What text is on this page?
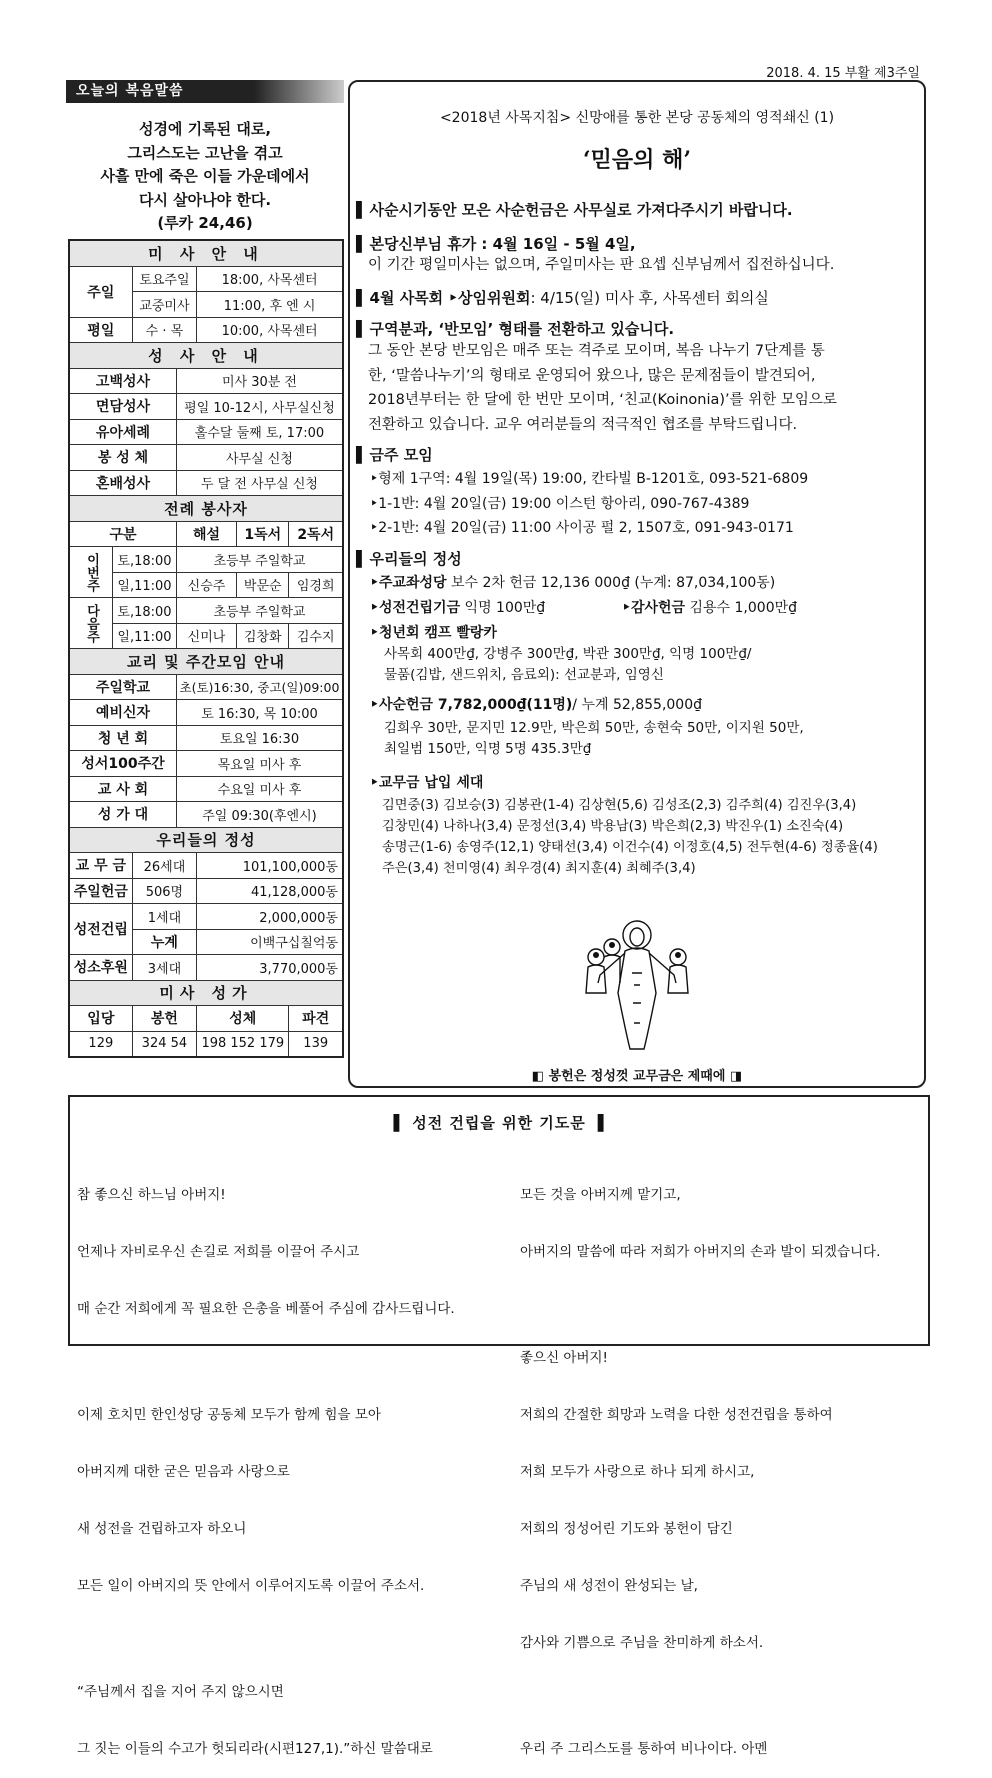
2018. 4. 15 부활 제3주일
오늘의 복음말씀
성경에 기록된 대로,
그리스도는 고난을 겪고
사흘 만에 죽은 이들 가운데에서
다시 살아나야 한다.
(루카 24,46)
미 사 안 내						
주일		토요주일		18:00, 사목센터		
		교중미사		11:00, 후 엔 시		
평일		수 · 목		10:00, 사목센터		
성 사 안 내						
고백성사			미사 30분 전			
면담성사			평일 10-12시, 사무실신청			
유아세례			홀수달 둘째 토, 17:00			
봉 성 체			사무실 신청			
혼배성사			두 달 전 사무실 신청			
전례 봉사자						
구분			해설		1독서	2독서
이번주	토,18:00		초등부 주일학교			
	일,11:00		신승주		박문순	임경희
다음주	토,18:00		초등부 주일학교			
	일,11:00		신미나		김창화	김수지
교리 및 주간모임 안내						
주일학교			초(토)16:30, 중고(일)09:00			
예비신자			토 16:30, 목 10:00			
청 년 회			토요일 16:30			
성서100주간			목요일 미사 후			
교 사 회			수요일 미사 후			
성 가 대			주일 09:30(후엔시)			
우리들의 정성						
교 무 금		26세대		101,100,000동		
주일헌금		506명		41,128,000동		
성전건립		1세대		2,000,000동		
		누계		이백구십칠억동		
성소후원		3세대		3,770,000동		
미사 성가						
입당		봉헌		성체		파견
129		324 54		198 152 179		139
<2018년 사목지침> 신망애를 통한 본당 공동체의 영적쇄신 (1)
‘믿음의 해’
▌ 사순시기동안 모은 사순헌금은 사무실로 가져다주시기 바랍니다.
▌ 본당신부님 휴가 : 4월 16일 - 5월 4일,
이 기간 평일미사는 없으며, 주일미사는 판 요셉 신부님께서 집전하십니다.
▌ 4월 사목회 ‣상임위원회: 4/15(일) 미사 후, 사목센터 회의실
▌ 구역분과, ‘반모임’ 형태를 전환하고 있습니다.
그 동안 본당 반모임은 매주 또는 격주로 모이며, 복음 나누기 7단계를 통
한, ‘말씀나누기’의 형태로 운영되어 왔으나, 많은 문제점들이 발견되어,
2018년부터는 한 달에 한 번만 모이며, ‘친교(Koinonia)’를 위한 모임으로
전환하고 있습니다. 교우 여러분들의 적극적인 협조를 부탁드립니다.
▌ 금주 모임
‣형제 1구역: 4월 19일(목) 19:00, 칸타빌 B-1201호, 093-521-6809
‣1-1반: 4월 20일(금) 19:00 이스턴 항아리, 090-767-4389
‣2-1반: 4월 20일(금) 11:00 사이공 펄 2, 1507호, 091-943-0171
▌ 우리들의 정성
‣주교좌성당 보수 2차 헌금 12,136 000₫ (누계: 87,034,100동)
‣성전건립기금 익명 100만₫	‣감사헌금 김용수 1,000만₫
‣청년회 캠프 빨랑카
사목회 400만₫, 강병주 300만₫, 박관 300만₫, 익명 100만₫/
물품(김밥, 샌드위치, 음료외): 선교분과, 임영신
‣사순헌금 7,782,000₫(11명)/ 누계 52,855,000₫
김희우 30만, 문지민 12.9만, 박은희 50만, 송현숙 50만, 이지원 50만,
최일범 150만, 익명 5명 435.3만₫
‣교무금 납입 세대
김면중(3) 김보승(3) 김봉관(1-4) 김상현(5,6) 김성조(2,3) 김주희(4) 김진우(3,4)
김창민(4) 나하나(3,4) 문정선(3,4) 박용남(3) 박은희(2,3) 박진우(1) 소진숙(4)
송명근(1-6) 송영주(12,1) 양태선(3,4) 이건수(4) 이정호(4,5) 전두현(4-6) 정종율(4)
주은(3,4) 천미영(4) 최우경(4) 최지훈(4) 최혜주(3,4)
◧ 봉헌은 정성껏 교무금은 제때에 ◨
▌ 성전 건립을 위한 기도문 ▐

참 좋으신 하느님 아버지!

언제나 자비로우신 손길로 저희를 이끌어 주시고

매 순간 저희에게 꼭 필요한 은총을 베풀어 주심에 감사드립니다.

이제 호치민 한인성당 공동체 모두가 함께 힘을 모아

아버지께 대한 굳은 믿음과 사랑으로

새 성전을 건립하고자 하오니

모든 일이 아버지의 뜻 안에서 이루어지도록 이끌어 주소서.

“주님께서 집을 지어 주지 않으시면

그 짓는 이들의 수고가 헛되리라(시편127,1).”하신 말씀대로

모든 것을 아버지께 맡기고,

아버지의 말씀에 따라 저희가 아버지의 손과 발이 되겠습니다.

좋으신 아버지!

저희의 간절한 희망과 노력을 다한 성전건립을 통하여

저희 모두가 사랑으로 하나 되게 하시고,

저희의 정성어린 기도와 봉헌이 담긴

주님의 새 성전이 완성되는 날,

감사와 기쁨으로 주님을 찬미하게 하소서.

우리 주 그리스도를 통하여 비나이다. 아멘
